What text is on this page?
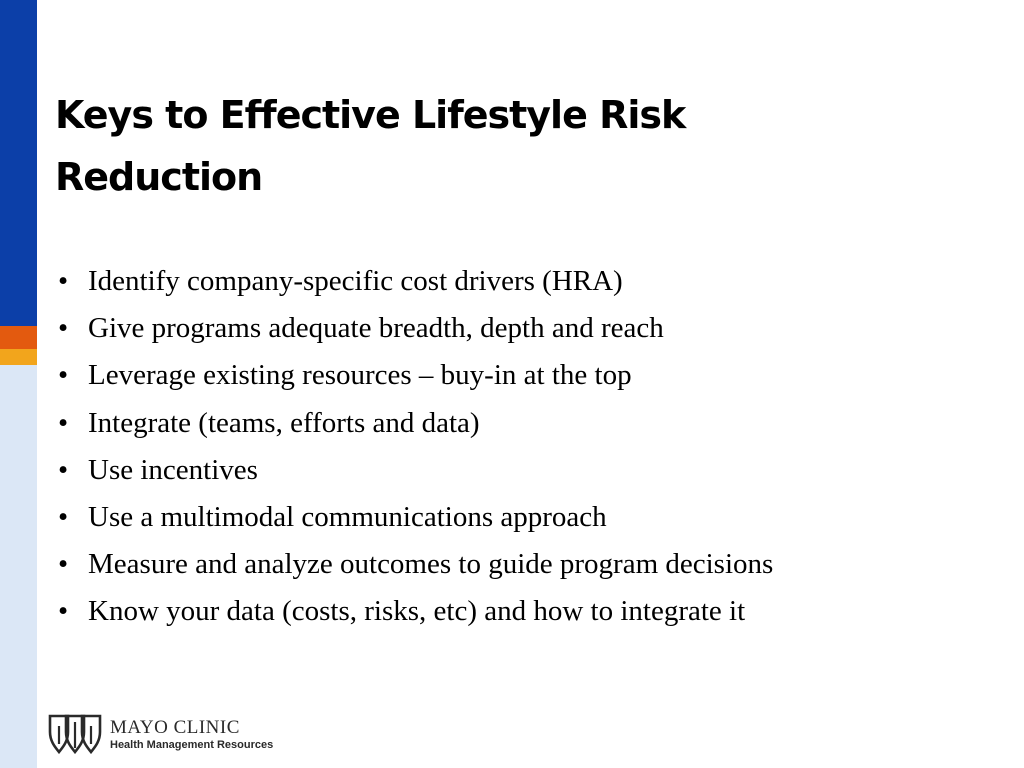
Keys to Effective Lifestyle Risk Reduction
• Identify company-specific cost drivers (HRA)
• Give programs adequate breadth, depth and reach
• Leverage existing resources – buy-in at the top
• Integrate (teams, efforts and data)
• Use incentives
• Use a multimodal communications approach
• Measure and analyze outcomes to guide program decisions
• Know your data (costs, risks, etc) and how to integrate it
MAYO CLINIC
Health Management Resources
